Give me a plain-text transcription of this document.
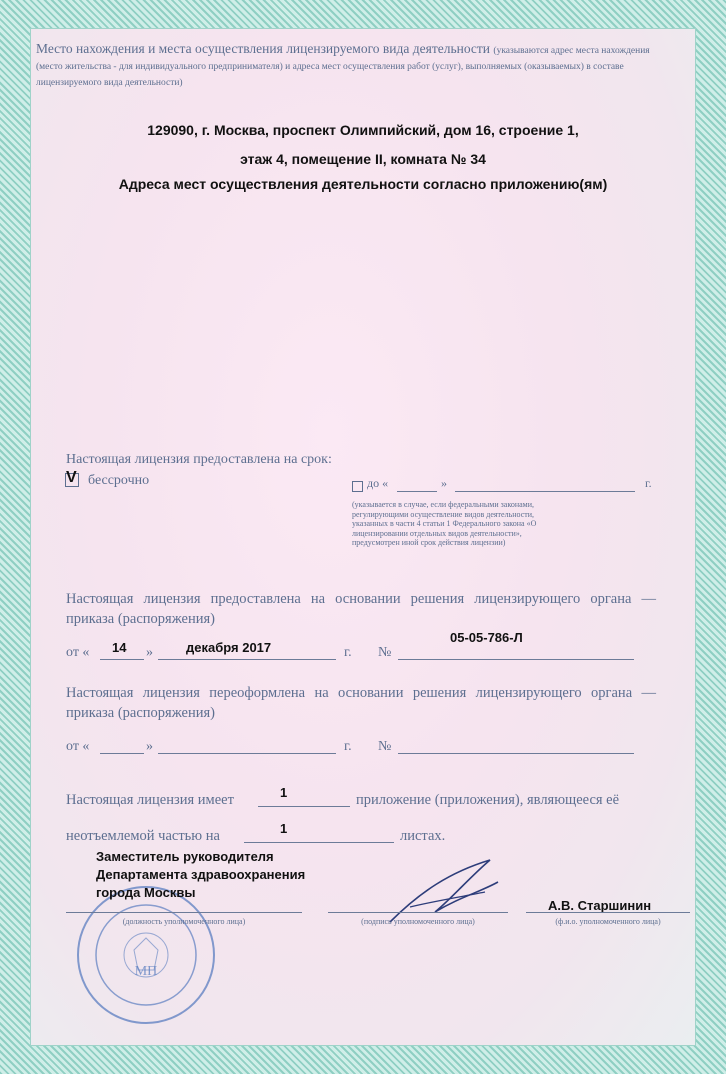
Место нахождения и места осуществления лицензируемого вида деятельности (указываются адрес места нахождения (место жительства - для индивидуального предпринимателя) и адреса мест осуществления работ (услуг), выполняемых (оказываемых) в составе лицензируемого вида деятельности)
129090, г. Москва, проспект Олимпийский, дом 16, строение 1,
этаж 4, помещение II, комната № 34
Адреса мест осуществления деятельности согласно приложению(ям)
Настоящая лицензия предоставлена на срок:
V бессрочно	до «	»	г.
(указывается в случае, если федеральными законами, регулирующими осуществление видов деятельности, указанных в части 4 статьи 1 Федерального закона «О лицензировании отдельных видов деятельности», предусмотрен иной срок действия лицензии)
Настоящая лицензия предоставлена на основании решения лицензирующего органа — приказа (распоряжения)
от « 14 »	декабря 2017	г. №
05-05-786-Л
Настоящая лицензия переоформлена на основании решения лицензирующего органа — приказа (распоряжения)
от «	»	г. №
Настоящая лицензия имеет	1	приложение (приложения), являющееся её
неотъемлемой частью на	1	листах.
МП
Заместитель руководителя Департамента здравоохранения города Москвы
(должность уполномоченного лица)	(подпись уполномоченного лица)
А.В. Старшинин
(ф.и.о. уполномоченного лица)
